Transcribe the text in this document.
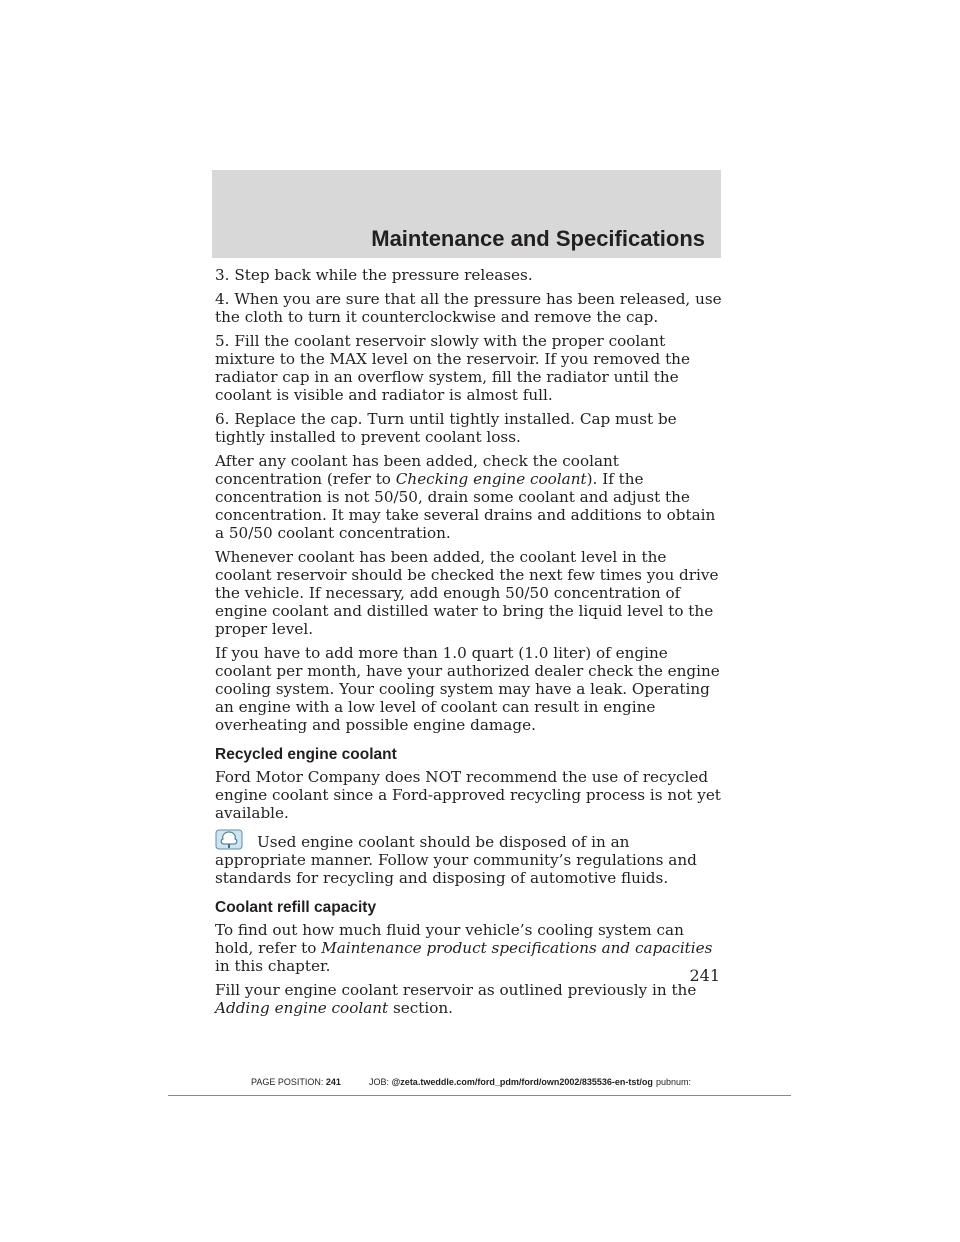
Maintenance and Specifications

3. Step back while the pressure releases.

4. When you are sure that all the pressure has been released, use the cloth to turn it counterclockwise and remove the cap.

5. Fill the coolant reservoir slowly with the proper coolant mixture to the MAX level on the reservoir. If you removed the radiator cap in an overflow system, fill the radiator until the coolant is visible and radiator is almost full.

6. Replace the cap. Turn until tightly installed. Cap must be tightly installed to prevent coolant loss.

After any coolant has been added, check the coolant concentration (refer to Checking engine coolant). If the concentration is not 50/50, drain some coolant and adjust the concentration. It may take several drains and additions to obtain a 50/50 coolant concentration.

Whenever coolant has been added, the coolant level in the coolant reservoir should be checked the next few times you drive the vehicle. If necessary, add enough 50/50 concentration of engine coolant and distilled water to bring the liquid level to the proper level.

If you have to add more than 1.0 quart (1.0 liter) of engine coolant per month, have your authorized dealer check the engine cooling system. Your cooling system may have a leak. Operating an engine with a low level of coolant can result in engine overheating and possible engine damage.

Recycled engine coolant

Ford Motor Company does NOT recommend the use of recycled engine coolant since a Ford-approved recycling process is not yet available.

Used engine coolant should be disposed of in an appropriate manner. Follow your community’s regulations and standards for recycling and disposing of automotive fluids.

Coolant refill capacity

To find out how much fluid your vehicle’s cooling system can hold, refer to Maintenance product specifications and capacities in this chapter.

Fill your engine coolant reservoir as outlined previously in the Adding engine coolant section.

241

PAGE POSITION: 241	JOB: @zeta.tweddle.com/ford_pdm/ford/own2002/835536-en-tst/og pubnum:
